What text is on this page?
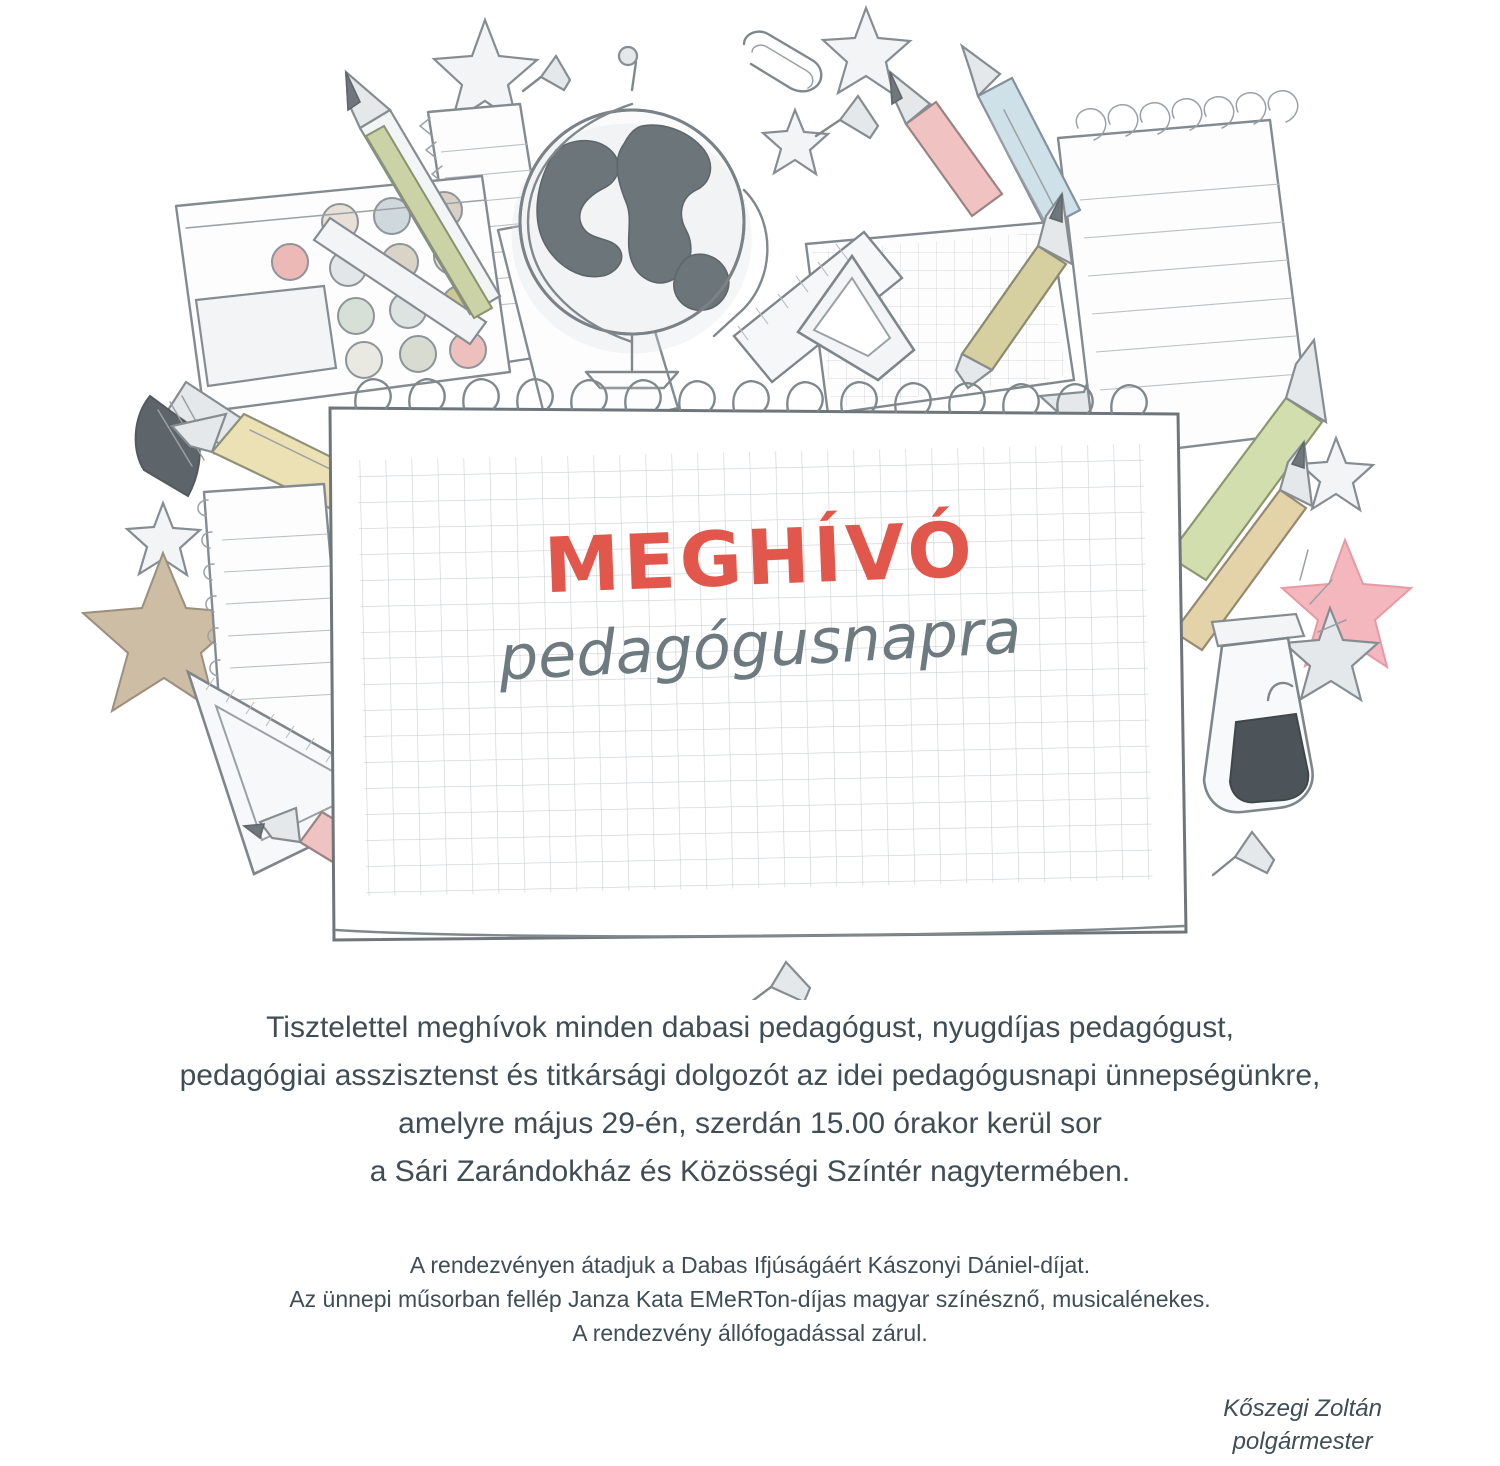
MEGHÍVÓ
pedagógusnapra

Tisztelettel meghívok minden dabasi pedagógust, nyugdíjas pedagógust,

pedagógiai asszisztenst és titkársági dolgozót az idei pedagógusnapi ünnepségünkre,

amelyre május 29-én, szerdán 15.00 órakor kerül sor

a Sári Zarándokház és Közösségi Színtér nagytermében.

A rendezvényen átadjuk a Dabas Ifjúságáért Kászonyi Dániel-díjat.

Az ünnepi műsorban fellép Janza Kata EMeRTon-díjas magyar színésznő, musicalénekes.

A rendezvény állófogadással zárul.

Kőszegi Zoltán
polgármester
